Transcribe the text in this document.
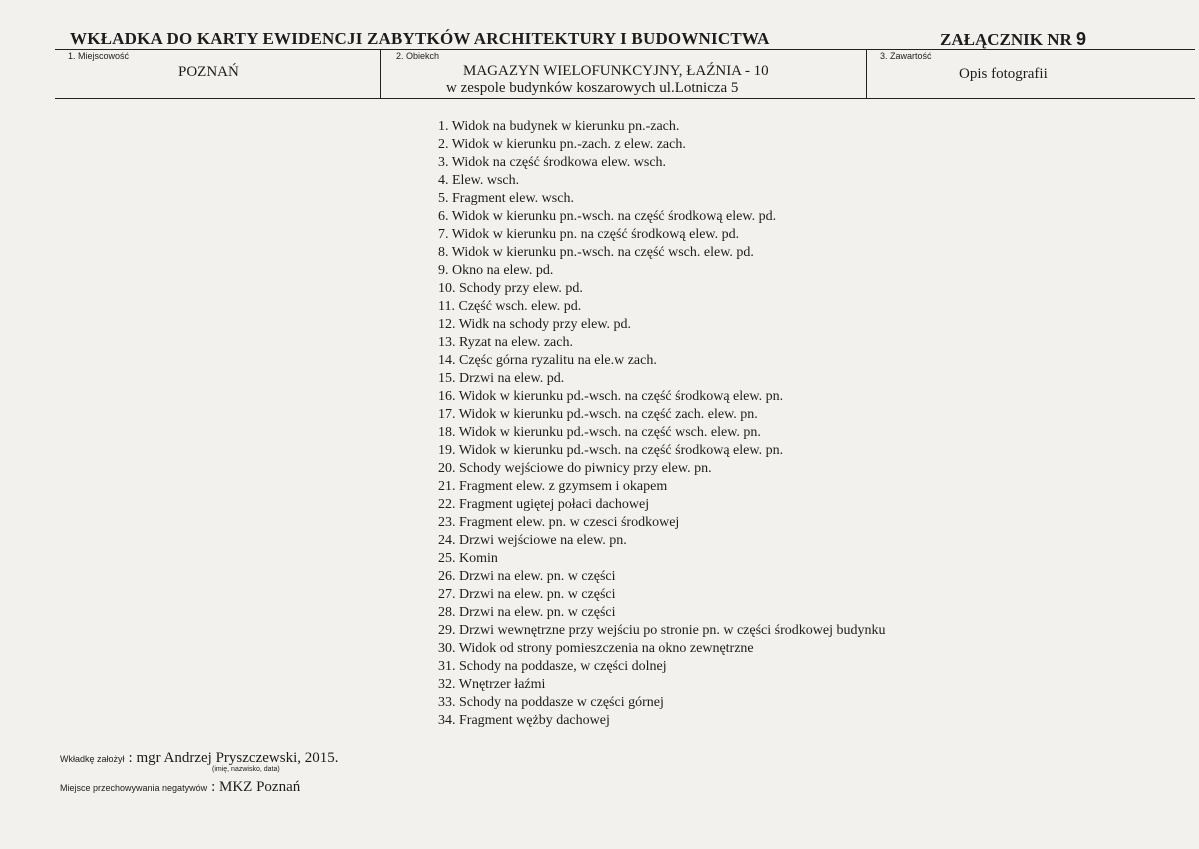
WKŁADKA DO KARTY EWIDENCJI ZABYTKÓW ARCHITEKTURY I BUDOWNICTWA	ZAŁĄCZNIK NR 9
1. Miejscowość
POZNAŃ
2. Obiekch
MAGAZYN WIELOFUNKCYJNY, ŁAŹNIA - 10
w zespole budynków koszarowych ul.Lotnicza 5
3. Zawartość
Opis fotografii
1. Widok na budynek w kierunku pn.-zach.
2. Widok w kierunku pn.-zach. z elew. zach.
3. Widok na część środkowa elew. wsch.
4. Elew. wsch.
5. Fragment elew. wsch.
6. Widok w kierunku pn.-wsch. na część środkową elew. pd.
7. Widok w kierunku pn. na część środkową elew. pd.
8. Widok w kierunku pn.-wsch. na część wsch. elew. pd.
9. Okno na elew. pd.
10. Schody przy elew. pd.
11. Część wsch. elew. pd.
12. Widk na schody przy elew. pd.
13. Ryzat na elew. zach.
14. Częśc górna ryzalitu na ele.w zach.
15. Drzwi na elew. pd.
16. Widok w kierunku pd.-wsch. na część środkową elew. pn.
17. Widok w kierunku pd.-wsch. na część zach. elew. pn.
18. Widok w kierunku pd.-wsch. na część wsch. elew. pn.
19. Widok w kierunku pd.-wsch. na część środkową elew. pn.
20. Schody wejściowe do piwnicy przy elew. pn.
21. Fragment elew. z gzymsem i okapem
22. Fragment ugiętej połaci dachowej
23. Fragment elew. pn. w czesci środkowej
24. Drzwi wejściowe na elew. pn.
25. Komin
26. Drzwi na elew. pn. w części
27. Drzwi na elew. pn. w części
28. Drzwi na elew. pn. w części
29. Drzwi wewnętrzne przy wejściu po stronie pn. w części środkowej budynku
30. Widok od strony pomieszczenia na okno zewnętrzne
31. Schody na poddasze, w części dolnej
32. Wnętrzer łaźmi
33. Schody na poddasze w części górnej
34. Fragment wężby dachowej
Wkładkę założył : mgr Andrzej Pryszczewski, 2015.
(imię, nazwisko, data)
Miejsce przechowywania negatywów : MKZ Poznań
